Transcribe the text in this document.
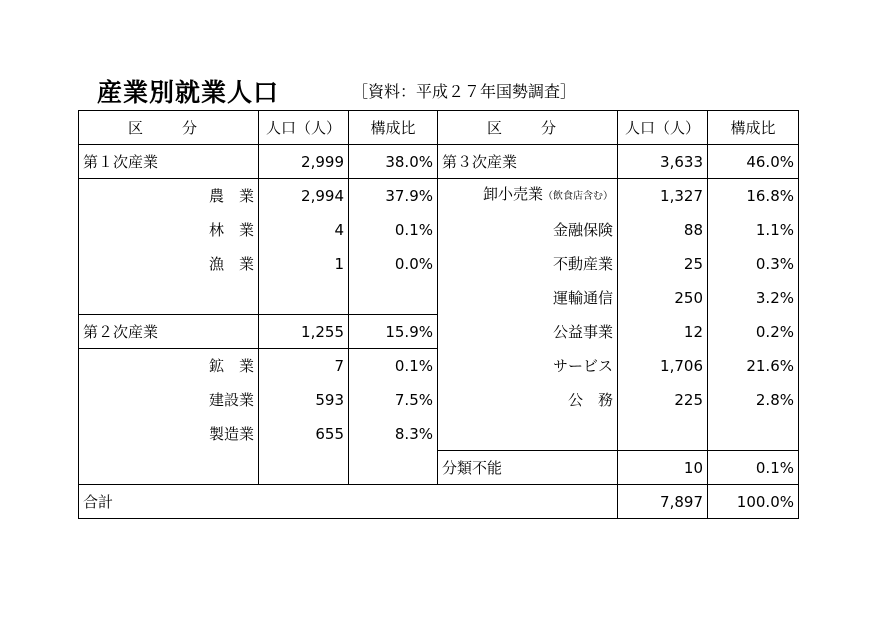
産業別就業人口	［資料：平成２７年国勢調査］
区　分	人口（人）	構成比	区　分	人口（人）	構成比
第１次産業	2,999	38.0%	第３次産業	3,633	46.0%
農　業	2,994	37.9%	卸小売業（飲食店含む）	1,327	16.8%
林　業	4	0.1%	金融保険	88	1.1%
漁　業	1	0.0%	不動産業	25	0.3%
			運輸通信	250	3.2%
第２次産業	1,255	15.9%	公益事業	12	0.2%
鉱　業	7	0.1%	サービス	1,706	21.6%
建設業	593	7.5%	公　務	225	2.8%
製造業	655	8.3%			
			分類不能	10	0.1%
合計				7,897	100.0%
